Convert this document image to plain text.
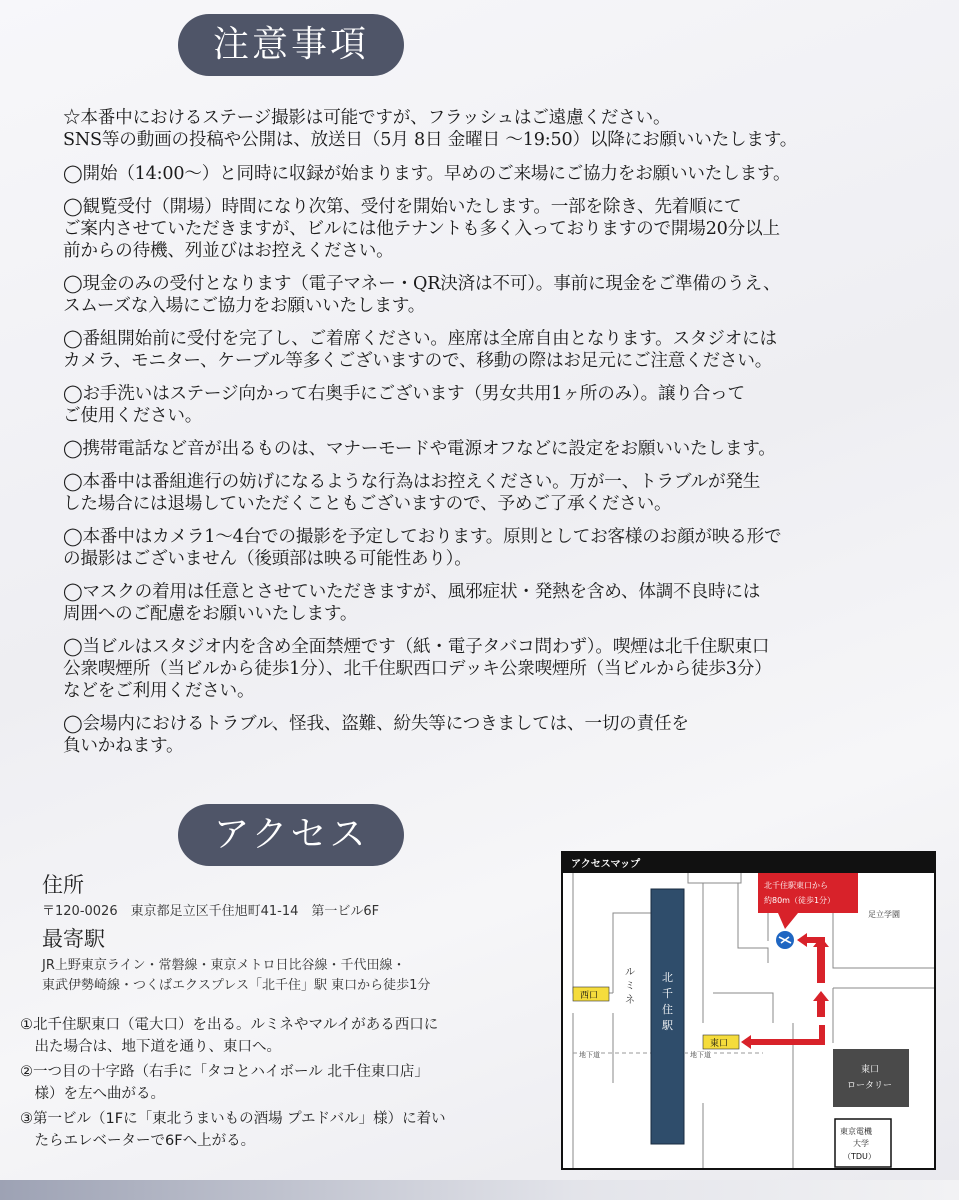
注意事項

☆本番中におけるステージ撮影は可能ですが、フラッシュはご遠慮ください。
SNS等の動画の投稿や公開は、放送日（5月 8日 金曜日 ～19:50）以降にお願いいたします。

◯開始（14:00～）と同時に収録が始まります。早めのご来場にご協力をお願いいたします。

◯観覧受付（開場）時間になり次第、受付を開始いたします。一部を除き、先着順にて
ご案内させていただきますが、ビルには他テナントも多く入っておりますので開場20分以上
前からの待機、列並びはお控えください。

◯現金のみの受付となります（電子マネー・QR決済は不可）。事前に現金をご準備のうえ、
スムーズな入場にご協力をお願いいたします。

◯番組開始前に受付を完了し、ご着席ください。座席は全席自由となります。スタジオには
カメラ、モニター、ケーブル等多くございますので、移動の際はお足元にご注意ください。

◯お手洗いはステージ向かって右奥手にございます（男女共用1ヶ所のみ）。譲り合って
ご使用ください。

◯携帯電話など音が出るものは、マナーモードや電源オフなどに設定をお願いいたします。

◯本番中は番組進行の妨げになるような行為はお控えください。万が一、トラブルが発生
した場合には退場していただくこともございますので、予めご了承ください。

◯本番中はカメラ1～4台での撮影を予定しております。原則としてお客様のお顔が映る形で
の撮影はございません（後頭部は映る可能性あり）。

◯マスクの着用は任意とさせていただきますが、風邪症状・発熱を含め、体調不良時には
周囲へのご配慮をお願いいたします。

◯当ビルはスタジオ内を含め全面禁煙です（紙・電子タバコ問わず）。喫煙は北千住駅東口
公衆喫煙所（当ビルから徒歩1分）、北千住駅西口デッキ公衆喫煙所（当ビルから徒歩3分）
などをご利用ください。

◯会場内におけるトラブル、怪我、盗難、紛失等につきましては、一切の責任を
負いかねます。

アクセス

住所

〒120-0026　東京都足立区千住旭町41-14　第一ビル6F

最寄駅

JR上野東京ライン・常磐線・東京メトロ日比谷線・千代田線・

東武伊勢崎線・つくばエクスプレス「北千住」駅 東口から徒歩1分

①北千住駅東口（電大口）を出る。ルミネやマルイがある西口に
　出た場合は、地下道を通り、東口へ。

②一つ目の十字路（右手に「タコとハイボール 北千住東口店」
　様）を左へ曲がる。

③第一ビル（1Fに「東北うまいもの酒場 プエドバル」様）に着い
　たらエレベーターで6Fへ上がる。

アクセスマップ
地下道	地下道
北 千 住 駅
ル ミ ネ
西口
東口
北千住駅東口から
約80m（徒歩1分）
足立学園
東口
ロータリー
東京電機
大学
（TDU）
